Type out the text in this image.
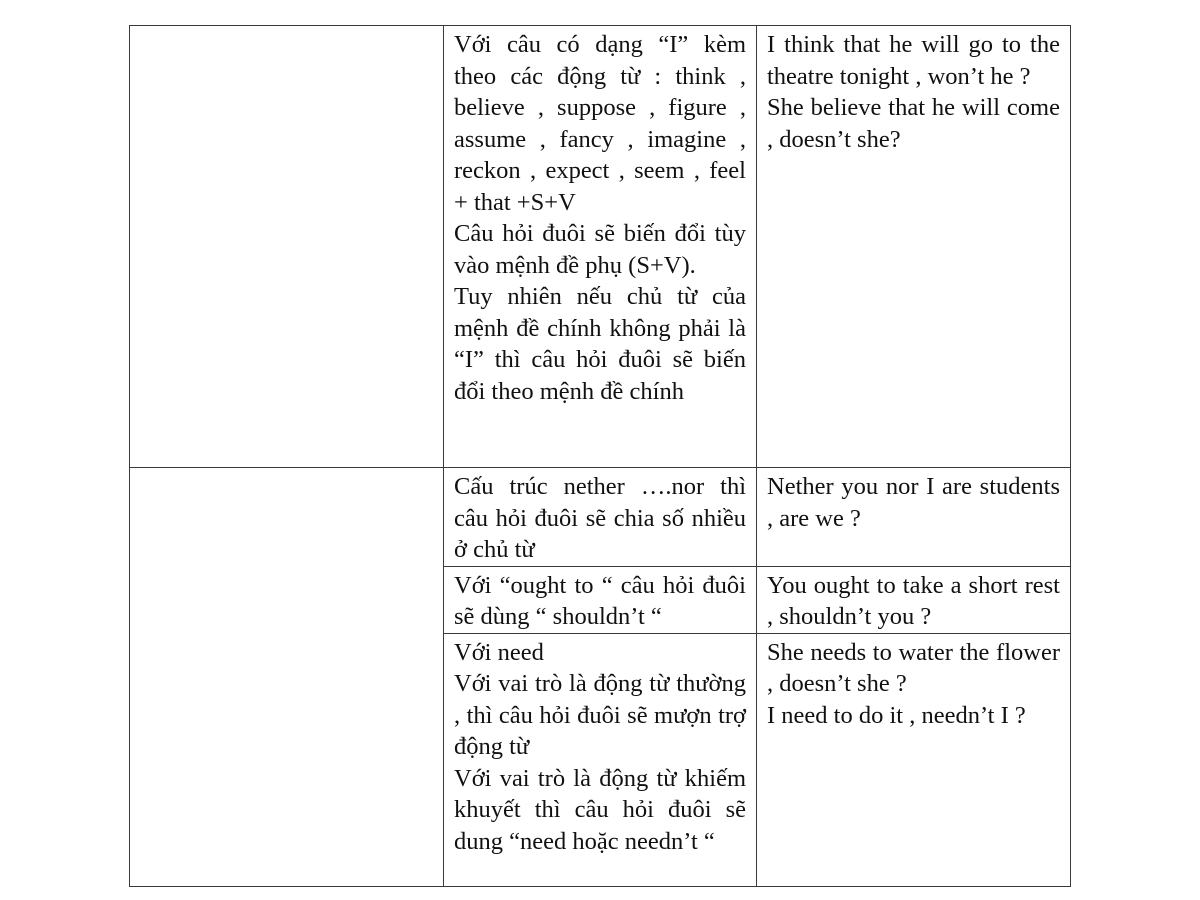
	Với câu có dạng “I” kèm theo các động từ : think , believe , suppose , figure , assume , fancy , imagine , reckon , expect , seem , feel + that +S+V
Câu hỏi đuôi sẽ biến đổi tùy vào mệnh đề phụ (S+V).
Tuy nhiên nếu chủ từ của mệnh đề chính không phải là “I” thì câu hỏi đuôi sẽ biến đổi theo mệnh đề chính	I think that he will go to the theatre tonight , won’t he ?
She believe that he will come , doesn’t she?

	Cấu trúc nether ….nor thì câu hỏi đuôi sẽ chia số nhiều ở chủ từ	Nether you nor I are students , are we ?

	Với “ought to “ câu hỏi đuôi sẽ dùng “ shouldn’t “	You ought to take a short rest , shouldn’t you ?

	Với need
Với vai trò là động từ thường , thì câu hỏi đuôi sẽ mượn trợ động từ
Với vai trò là động từ khiếm khuyết thì câu hỏi đuôi sẽ dung “need hoặc needn’t “	She needs to water the flower , doesn’t she ?
I need to do it , needn’t I ?
